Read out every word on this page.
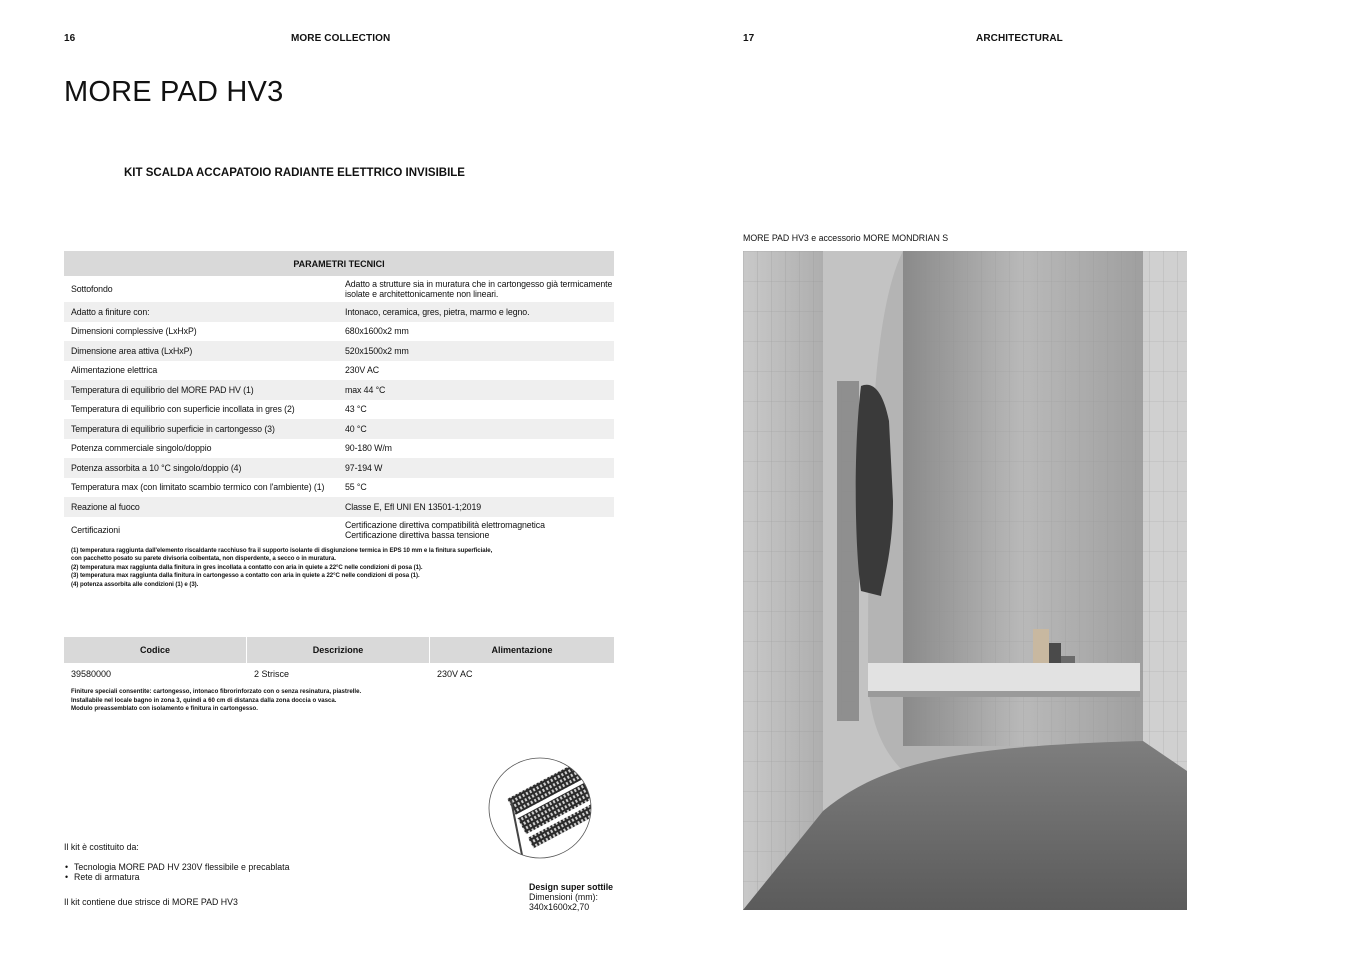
16	MORE COLLECTION	17	ARCHITECTURAL
MORE PAD HV3
KIT SCALDA ACCAPATOIO RADIANTE ELETTRICO INVISIBILE
PARAMETRI TECNICI
Sottofondo	Adatto a strutture sia in muratura che in cartongesso già termicamente isolate e architettonicamente non lineari.
Adatto a finiture con:	Intonaco, ceramica, gres, pietra, marmo e legno.
Dimensioni complessive (LxHxP)	680x1600x2 mm
Dimensione area attiva (LxHxP)	520x1500x2 mm
Alimentazione elettrica	230V AC
Temperatura di equilibrio del MORE PAD HV (1)	max 44 °C
Temperatura di equilibrio con superficie incollata in gres (2)	43 °C
Temperatura di equilibrio superficie in cartongesso (3)	40 °C
Potenza commerciale singolo/doppio	90-180 W/m
Potenza assorbita a 10 °C singolo/doppio (4)	97-194 W
Temperatura max (con limitato scambio termico con l'ambiente) (1)	55 °C
Reazione al fuoco	Classe E, Efl UNI EN 13501-1;2019
Certificazioni	Certificazione direttiva compatibilità elettromagnetica
Certificazione direttiva bassa tensione
(1) temperatura raggiunta dall'elemento riscaldante racchiuso fra il supporto isolante di disgiunzione termica in EPS 10 mm e la finitura superficiale,
con pacchetto posato su parete divisoria coibentata, non disperdente, a secco o in muratura.
(2) temperatura max raggiunta dalla finitura in gres incollata a contatto con aria in quiete a 22°C nelle condizioni di posa (1).
(3) temperatura max raggiunta dalla finitura in cartongesso a contatto con aria in quiete a 22°C nelle condizioni di posa (1).
(4) potenza assorbita alle condizioni (1) e (3).
Codice	Descrizione	Alimentazione
39580000	2 Strisce	230V AC
Finiture speciali consentite: cartongesso, intonaco fibrorinforzato con o senza resinatura, piastrelle.
Installabile nel locale bagno in zona 3, quindi a 60 cm di distanza dalla zona doccia o vasca.
Modulo preassemblato con isolamento e finitura in cartongesso.
Il kit è costituito da:
• Tecnologia MORE PAD HV 230V flessibile e precablata
• Rete di armatura
Il kit contiene due strisce di MORE PAD HV3
Design super sottile
Dimensioni (mm):
340x1600x2,70
MORE PAD HV3 e accessorio MORE MONDRIAN S
